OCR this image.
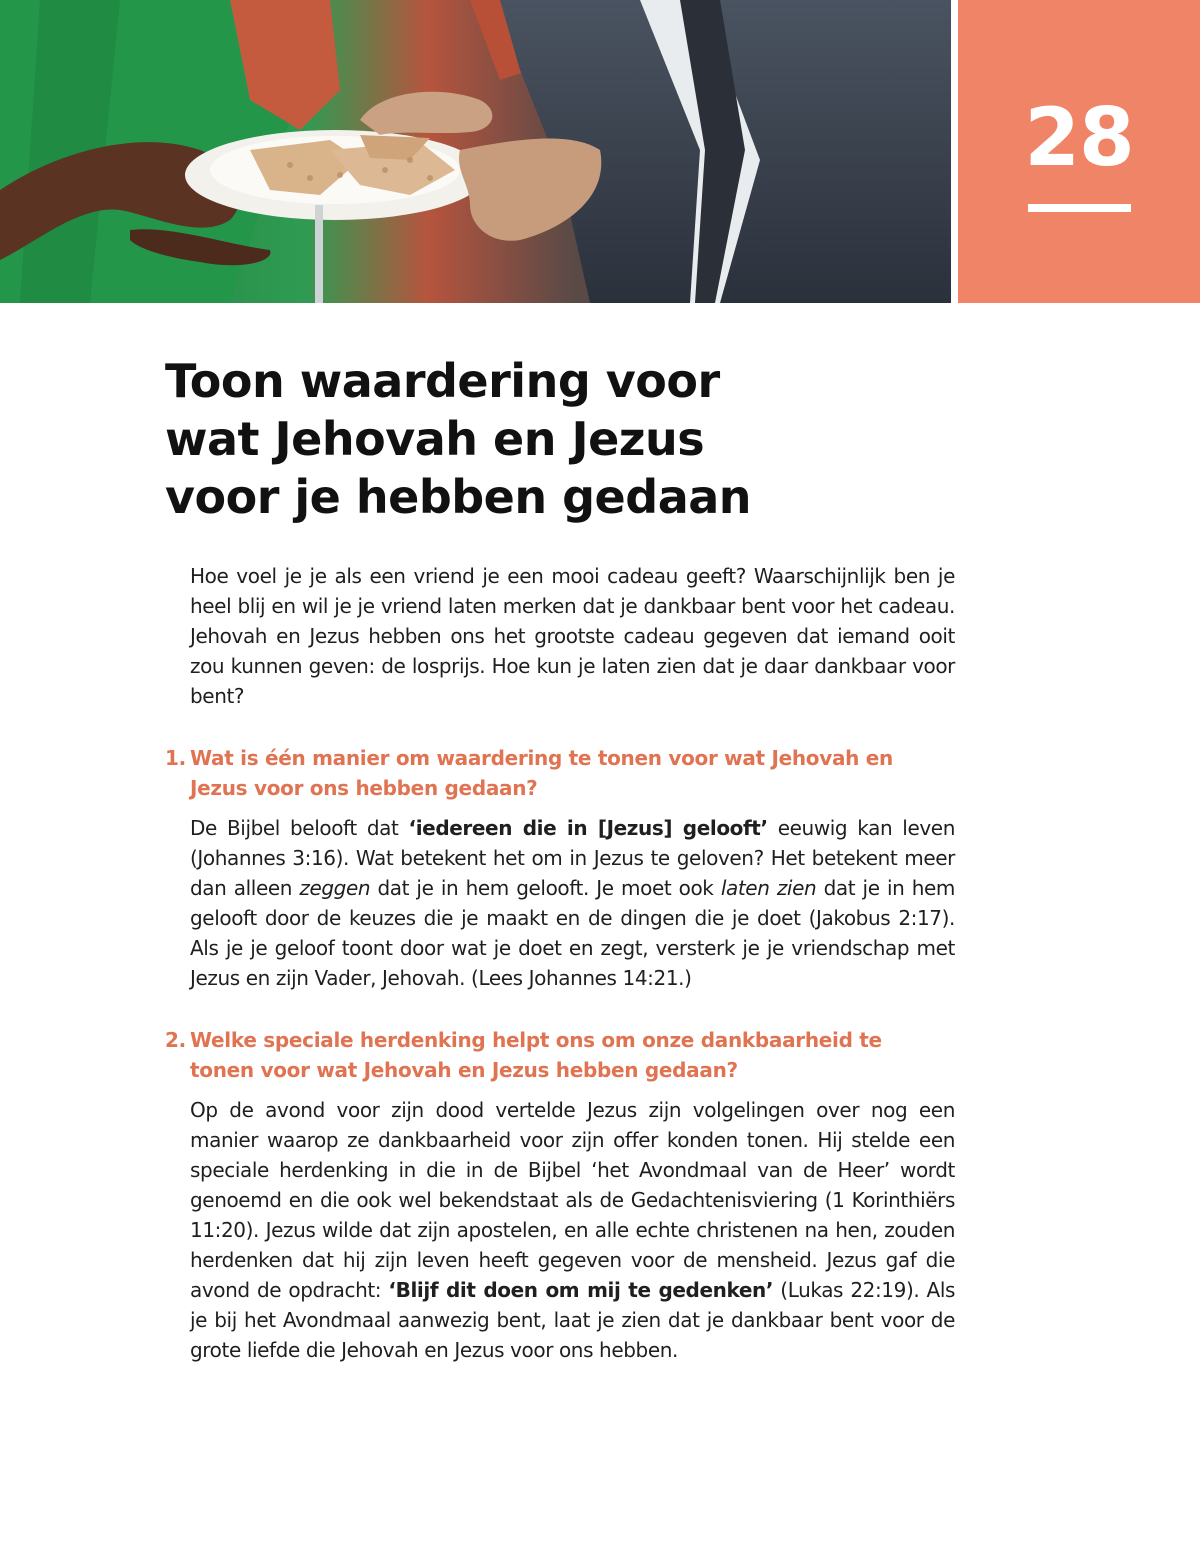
28
Toon waardering voor
wat Jehovah en Jezus
voor je hebben gedaan

Hoe voel je je als een vriend je een mooi cadeau geeft? Waarschijnlijk ben je heel blij en wil je je vriend laten merken dat je dankbaar bent voor het cadeau. Jehovah en Jezus hebben ons het grootste cadeau gegeven dat iemand ooit zou kunnen geven: de losprijs. Hoe kun je laten zien dat je daar dankbaar voor bent?

1. Wat is één manier om waardering te tonen voor wat Jehovah en Jezus voor ons hebben gedaan?

De Bijbel belooft dat ‘iedereen die in [Jezus] gelooft’ eeuwig kan leven (Johannes 3:16). Wat betekent het om in Jezus te geloven? Het betekent meer dan alleen zeggen dat je in hem gelooft. Je moet ook laten zien dat je in hem gelooft door de keuzes die je maakt en de dingen die je doet (Jakobus 2:17). Als je je geloof toont door wat je doet en zegt, versterk je je vriendschap met Jezus en zijn Vader, Jehovah. (Lees Johannes 14:21.)

2. Welke speciale herdenking helpt ons om onze dankbaarheid te tonen voor wat Jehovah en Jezus hebben gedaan?

Op de avond voor zijn dood vertelde Jezus zijn volgelingen over nog een manier waarop ze dankbaarheid voor zijn offer konden tonen. Hij stelde een speciale herdenking in die in de Bijbel ‘het Avondmaal van de Heer’ wordt genoemd en die ook wel bekendstaat als de Gedachtenisviering (1 Korinthiërs 11:20). Jezus wilde dat zijn apostelen, en alle echte christenen na hen, zouden herdenken dat hij zijn leven heeft gegeven voor de mensheid. Jezus gaf die avond de opdracht: ‘Blijf dit doen om mij te gedenken’ (Lukas 22:19). Als je bij het Avondmaal aanwezig bent, laat je zien dat je dankbaar bent voor de grote liefde die Jehovah en Jezus voor ons hebben.
